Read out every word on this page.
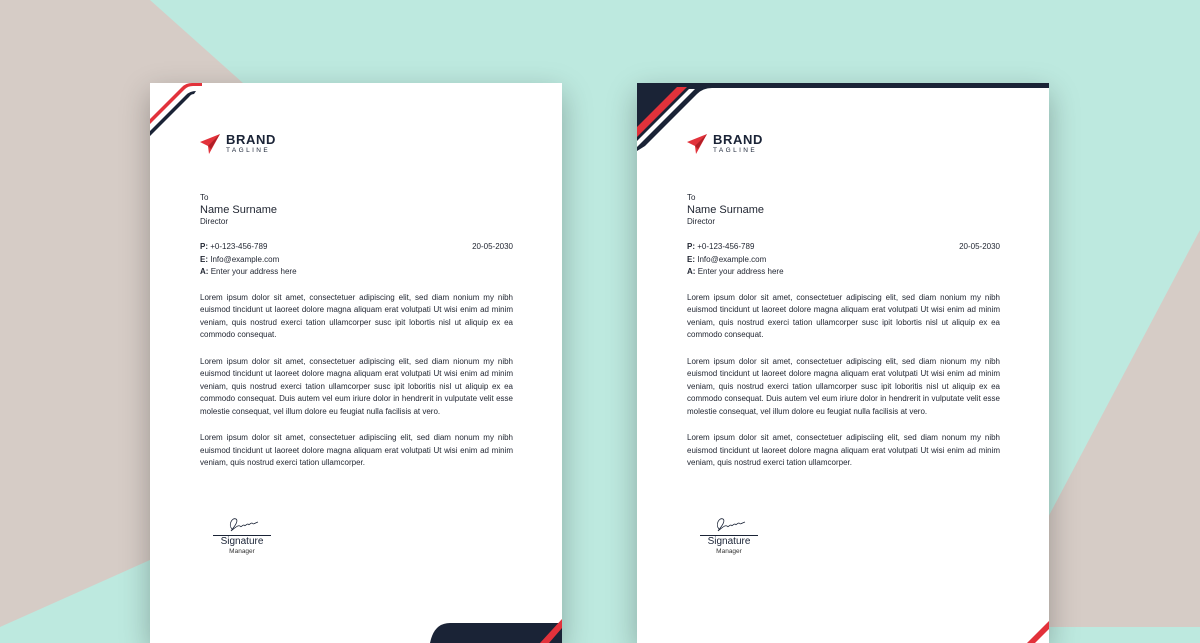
BRAND
TAGLINE
To
Name Surname
Director
P: +0-123-456-789
E: Info@example.com
A: Enter your address here
20-05-2030

Lorem ipsum dolor sit amet, consectetuer adipiscing elit, sed diam nonium my nibh euismod tincidunt ut laoreet dolore magna aliquam erat volutpati Ut wisi enim ad minim veniam, quis nostrud exerci tation ullamcorper susc ipit lobortis nisl ut aliquip ex ea commodo consequat.

Lorem ipsum dolor sit amet, consectetuer adipiscing elit, sed diam nionum my nibh euismod tincidunt ut laoreet dolore magna aliquam erat volutpati Ut wisi enim ad minim veniam, quis nostrud exerci tation ullamcorper susc ipit loboritis nisl ut aliquip ex ea commodo consequat. Duis autem vel eum iriure dolor in hendrerit in vulputate velit esse molestie consequat, vel illum dolore eu feugiat nulla facilisis at vero.

Lorem ipsum dolor sit amet, consectetuer adipisciing elit, sed diam nonum my nibh euismod tincidunt ut laoreet dolore magna aliquam erat volutpati Ut wisi enim ad minim veniam, quis nostrud exerci tation ullamcorper.

Signature
Manager
BRAND
TAGLINE
To
Name Surname
Director
P: +0-123-456-789
E: Info@example.com
A: Enter your address here
20-05-2030

Lorem ipsum dolor sit amet, consectetuer adipiscing elit, sed diam nonium my nibh euismod tincidunt ut laoreet dolore magna aliquam erat volutpati Ut wisi enim ad minim veniam, quis nostrud exerci tation ullamcorper susc ipit lobortis nisl ut aliquip ex ea commodo consequat.

Lorem ipsum dolor sit amet, consectetuer adipiscing elit, sed diam nionum my nibh euismod tincidunt ut laoreet dolore magna aliquam erat volutpati Ut wisi enim ad minim veniam, quis nostrud exerci tation ullamcorper susc ipit loboritis nisl ut aliquip ex ea commodo consequat. Duis autem vel eum iriure dolor in hendrerit in vulputate velit esse molestie consequat, vel illum dolore eu feugiat nulla facilisis at vero.

Lorem ipsum dolor sit amet, consectetuer adipisciing elit, sed diam nonum my nibh euismod tincidunt ut laoreet dolore magna aliquam erat volutpati Ut wisi enim ad minim veniam, quis nostrud exerci tation ullamcorper.

Signature
Manager
